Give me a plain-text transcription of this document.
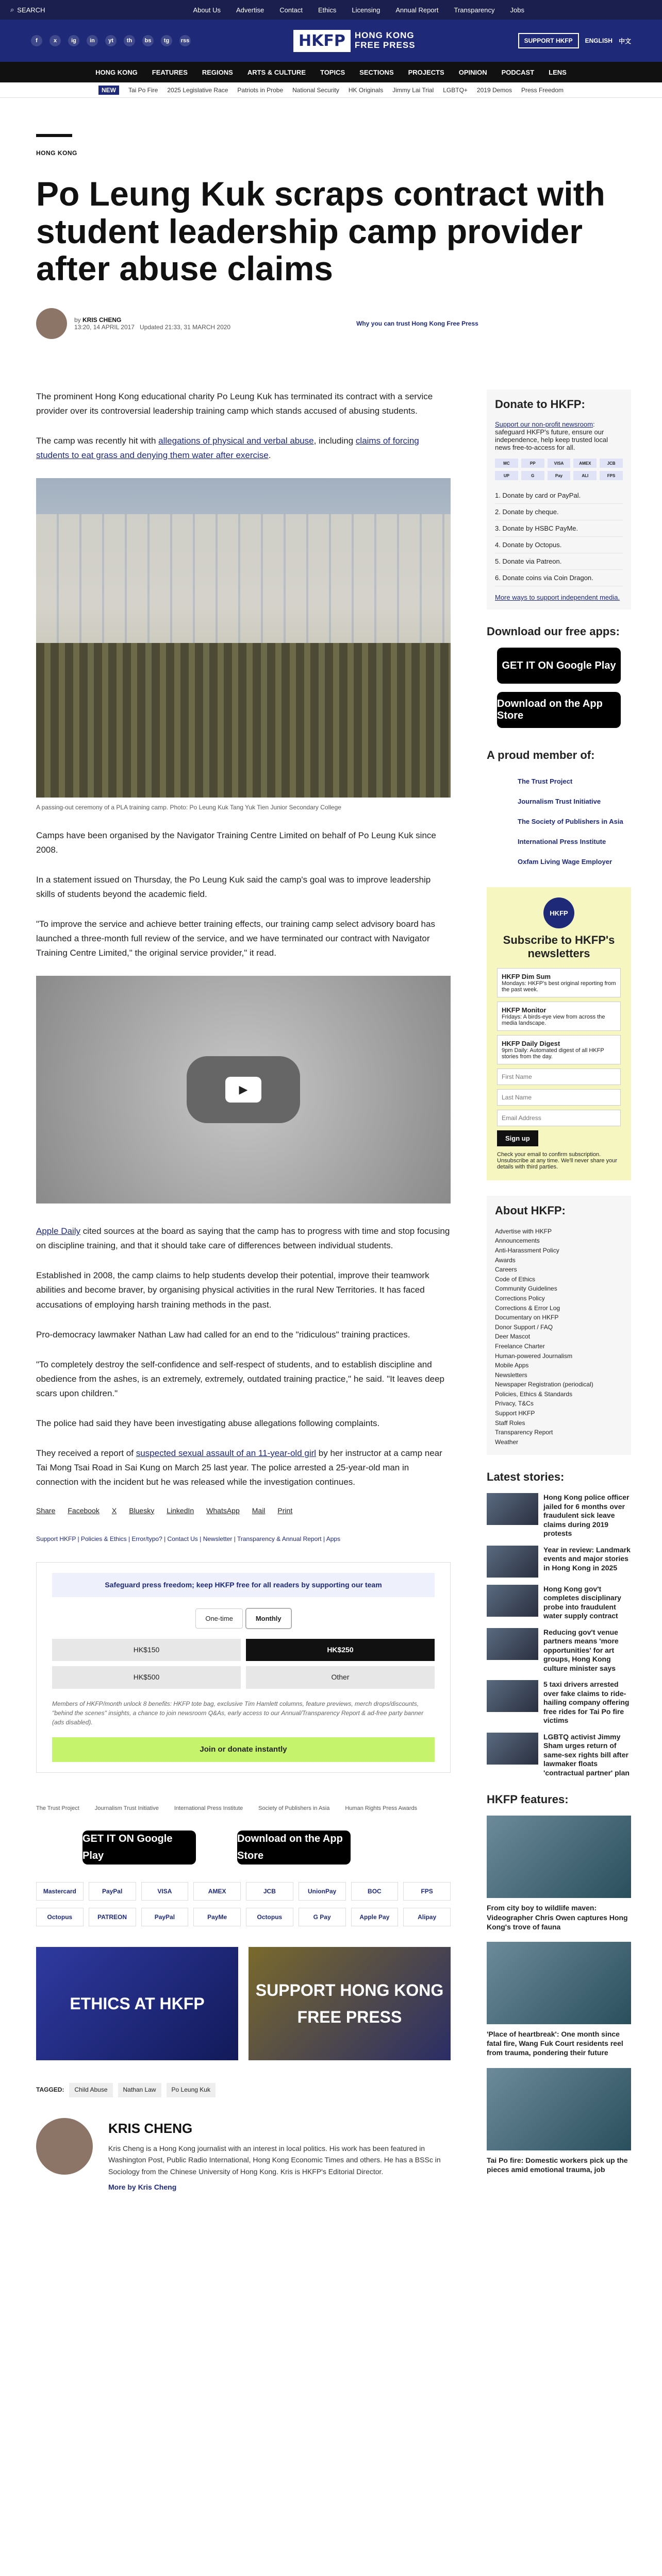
⌕ SEARCH	About Us Advertise Contact Ethics Licensing Annual Report Transparency Jobs
f	x	ig	in	yt	th	bs	tg	rss	HKFP	HONG KONG
FREE PRESS	SUPPORT HKFP	ENGLISH 中文
HONG KONG FEATURES REGIONS ARTS & CULTURE TOPICS SECTIONS PROJECTS OPINION PODCAST LENS
NEW	Tai Po Fire 2025 Legislative Race Patriots in Probe National Security HK Originals Jimmy Lai Trial LGBTQ+ 2019 Demos Press Freedom
HONG KONG
Po Leung Kuk scraps contract with student leadership camp provider after abuse claims
by KRIS CHENG
13:20, 14 APRIL 2017 Updated 21:33, 31 MARCH 2020	Why you can trust Hong Kong Free Press

The prominent Hong Kong educational charity Po Leung Kuk has terminated its contract with a service provider over its controversial leadership training camp which stands accused of abusing students.

The camp was recently hit with allegations of physical and verbal abuse, including claims of forcing students to eat grass and denying them water after exercise.

A passing-out ceremony of a PLA training camp. Photo: Po Leung Kuk Tang Yuk Tien Junior Secondary College

Camps have been organised by the Navigator Training Centre Limited on behalf of Po Leung Kuk since 2008.

In a statement issued on Thursday, the Po Leung Kuk said the camp's goal was to improve leadership skills of students beyond the academic field.

"To improve the service and achieve better training effects, our training camp select advisory board has launched a three-month full review of the service, and we have terminated our contract with Navigator Training Centre Limited," the original service provider," it read.

▶

Apple Daily cited sources at the board as saying that the camp has to progress with time and stop focusing on discipline training, and that it should take care of differences between individual students.

Established in 2008, the camp claims to help students develop their potential, improve their teamwork abilities and become braver, by organising physical activities in the rural New Territories. It has faced accusations of employing harsh training methods in the past.

Pro-democracy lawmaker Nathan Law had called for an end to the "ridiculous" training practices.

"To completely destroy the self-confidence and self-respect of students, and to establish discipline and obedience from the ashes, is an extremely, extremely, outdated training practice," he said. "It leaves deep scars upon children."

The police had said they have been investigating abuse allegations following complaints.

They received a report of suspected sexual assault of an 11-year-old girl by her instructor at a camp near Tai Mong Tsai Road in Sai Kung on March 25 last year. The police arrested a 25-year-old man in connection with the incident but he was released while the investigation continues.

Share Facebook X Bluesky LinkedIn WhatsApp Mail Print
Support HKFP | Policies & Ethics | Error/typo? | Contact Us | Newsletter | Transparency & Annual Report | Apps
Safeguard press freedom; keep HKFP free for all readers by supporting our team
One-time	Monthly
HK$150	HK$250
HK$500	Other
Members of HKFP/month unlock 8 benefits: HKFP tote bag, exclusive Tim Hamlett columns, feature previews, merch drops/discounts, "behind the scenes" insights, a chance to join newsroom Q&As, early access to our Annual/Transparency Report & ad-free party banner (ads disabled).
Join or donate instantly
The Trust Project	Journalism Trust Initiative	International Press Institute	Society of Publishers in Asia	Human Rights Press Awards
GET IT ON Google Play
Download on the App Store
Mastercard	PayPal	VISA	AMEX	JCB	UnionPay	BOC	FPS
Octopus	PATREON	PayPal	PayMe	Octopus	G Pay	Apple Pay	Alipay
ETHICS AT HKFP
SUPPORT HONG KONG FREE PRESS
TAGGED:	Child Abuse	Nathan Law	Po Leung Kuk
KRIS CHENG
Kris Cheng is a Hong Kong journalist with an interest in local politics. His work has been featured in Washington Post, Public Radio International, Hong Kong Economic Times and others. He has a BSSc in Sociology from the Chinese University of Hong Kong. Kris is HKFP's Editorial Director.
More by Kris Cheng
Donate to HKFP:

Support our non-profit newsroom: safeguard HKFP's future, ensure our independence, help keep trusted local news free-to-access for all.

MC	PP	VISA	AMEX	JCB
UP	G	Pay	ALI	FPS
1. Donate by card or PayPal.
2. Donate by cheque.
3. Donate by HSBC PayMe.
4. Donate by Octopus.
5. Donate via Patreon.
6. Donate coins via Coin Dragon.

More ways to support independent media.

Download our free apps:
GET IT ON Google Play
Download on the App Store
A proud member of:
The Trust Project
Journalism Trust Initiative
The Society of Publishers in Asia
International Press Institute
Oxfam Living Wage Employer
HKFP
Subscribe to HKFP's newsletters
HKFP Dim Sum
Mondays: HKFP's best original reporting from the past week.
HKFP Monitor
Fridays: A birds-eye view from across the media landscape.
HKFP Daily Digest
9pm Daily: Automated digest of all HKFP stories from the day.
First Name Last Name Email Address Sign up

Check your email to confirm subscription. Unsubscribe at any time. We'll never share your details with third parties.

About HKFP:
Advertise with HKFP
Announcements
Anti-Harassment Policy
Awards
Careers
Code of Ethics
Community Guidelines
Corrections Policy
Corrections & Error Log
Documentary on HKFP
Donor Support / FAQ
Deer Mascot
Freelance Charter
Human-powered Journalism
Mobile Apps
Newsletters
Newspaper Registration (periodical)
Policies, Ethics & Standards
Privacy, T&Cs
Support HKFP
Staff Roles
Transparency Report
Weather
Latest stories:
Hong Kong police officer jailed for 6 months over fraudulent sick leave claims during 2019 protests
Year in review: Landmark events and major stories in Hong Kong in 2025
Hong Kong gov't completes disciplinary probe into fraudulent water supply contract
Reducing gov't venue partners means 'more opportunities' for art groups, Hong Kong culture minister says
5 taxi drivers arrested over fake claims to ride-hailing company offering free rides for Tai Po fire victims
LGBTQ activist Jimmy Sham urges return of same-sex rights bill after lawmaker floats 'contractual partner' plan
HKFP features:
From city boy to wildlife maven: Videographer Chris Owen captures Hong Kong's trove of fauna
'Place of heartbreak': One month since fatal fire, Wang Fuk Court residents reel from trauma, pondering their future
Tai Po fire: Domestic workers pick up the pieces amid emotional trauma, job
